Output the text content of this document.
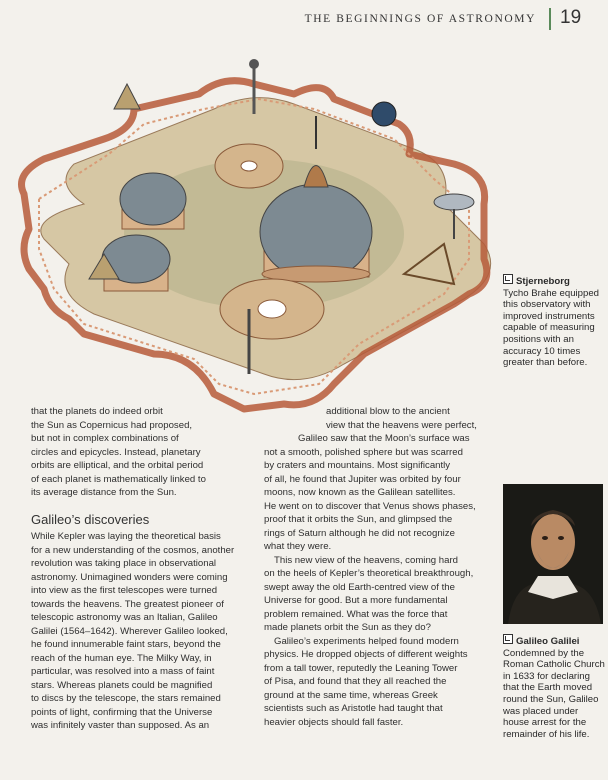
THE BEGINNINGS OF ASTRONOMY 19
Stjerneborg
Tycho Brahe equipped
this observatory with
improved instruments
capable of measuring
positions with an
accuracy 10 times
greater than before.

that the planets do indeed orbit

the Sun as Copernicus had proposed,

but not in complex combinations of

circles and epicycles. Instead, planetary

orbits are elliptical, and the orbital period

of each planet is mathematically linked to

its average distance from the Sun.

Galileo’s discoveries

While Kepler was laying the theoretical basis

for a new understanding of the cosmos, another

revolution was taking place in observational

astronomy. Unimagined wonders were coming

into view as the first telescopes were turned

towards the heavens. The greatest pioneer of

telescopic astronomy was an Italian, Galileo

Galilei (1564–1642). Wherever Galileo looked,

he found innumerable faint stars, beyond the

reach of the human eye. The Milky Way, in

particular, was resolved into a mass of faint

stars. Whereas planets could be magnified

to discs by the telescope, the stars remained

points of light, confirming that the Universe

was infinitely vaster than supposed. As an

additional blow to the ancient

view that the heavens were perfect,

Galileo saw that the Moon’s surface was

not a smooth, polished sphere but was scarred

by craters and mountains. Most significantly

of all, he found that Jupiter was orbited by four

moons, now known as the Galilean satellites.

He went on to discover that Venus shows phases,

proof that it orbits the Sun, and glimpsed the

rings of Saturn although he did not recognize

what they were.

This new view of the heavens, coming hard

on the heels of Kepler’s theoretical breakthrough,

swept away the old Earth-centred view of the

Universe for good. But a more fundamental

problem remained. What was the force that

made planets orbit the Sun as they do?

Galileo’s experiments helped found modern

physics. He dropped objects of different weights

from a tall tower, reputedly the Leaning Tower

of Pisa, and found that they all reached the

ground at the same time, whereas Greek

scientists such as Aristotle had taught that

heavier objects should fall faster.

Galileo Galilei
Condemned by the
Roman Catholic Church
in 1633 for declaring
that the Earth moved
round the Sun, Galileo
was placed under
house arrest for the
remainder of his life.
